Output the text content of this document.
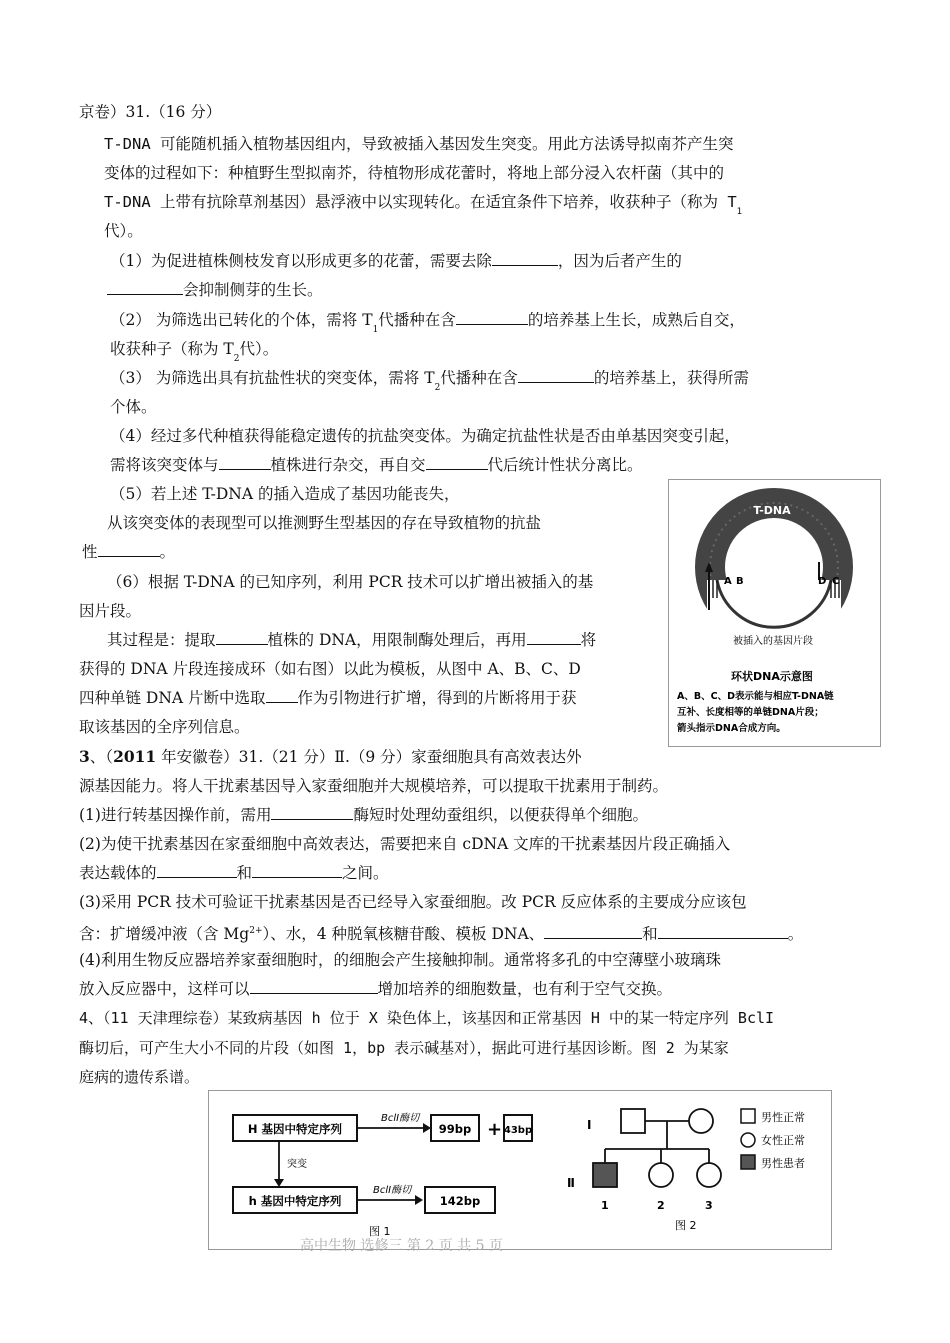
京卷）31.（16 分）
T-DNA 可能随机插入植物基因组内，导致被插入基因发生突变。用此方法诱导拟南芥产生突
变体的过程如下：种植野生型拟南芥，待植物形成花蕾时，将地上部分浸入农杆菌（其中的
T-DNA 上带有抗除草剂基因）悬浮液中以实现转化。在适宜条件下培养，收获种子（称为 $T_1$
代）。
（1）为促进植株侧枝发育以形成更多的花蕾，需要去除	，因为后者产生的
会抑制侧芽的生长。
（2） 为筛选出已转化的个体，需将 $T_1$代播种在含	的培养基上生长，成熟后自交，
收获种子（称为 $T_2$代）。
（3） 为筛选出具有抗盐性状的突变体，需将 $T_2$代播种在含	的培养基上，获得所需
个体。
（4）经过多代种植获得能稳定遗传的抗盐突变体。为确定抗盐性状是否由单基因突变引起，
需将该突变体与	植株进行杂交，再自交	代后统计性状分离比。
（5）若上述 T-DNA 的插入造成了基因功能丧失，
从该突变体的表现型可以推测野生型基因的存在导致植物的抗盐
性	。
（6）根据 T-DNA 的已知序列，利用 PCR 技术可以扩增出被插入的基
因片段。
其过程是：提取	植株的 DNA，用限制酶处理后，再用	将
获得的 DNA 片段连接成环（如右图）以此为模板，从图中 A、B、C、D
四种单链 DNA 片断中选取 作为引物进行扩增，得到的片断将用于获
取该基因的全序列信息。
T-DNA
A B	D C
被插入的基因片段
环状DNA示意图
A、B、C、D表示能与相应T-DNA链
互补、长度相等的单链DNA片段；
箭头指示DNA合成方向。
3、（2011 年安徽卷）31.（21 分）Ⅱ.（9 分）家蚕细胞具有高效表达外
源基因能力。将人干扰素基因导入家蚕细胞并大规模培养，可以提取干扰素用于制药。
(1)进行转基因操作前，需用	酶短时处理幼蚕组织，以便获得单个细胞。
(2)为使干扰素基因在家蚕细胞中高效表达，需要把来自 cDNA 文库的干扰素基因片段正确插入
表达载体的	和	之间。
(3)采用 PCR 技术可验证干扰素基因是否已经导入家蚕细胞。改 PCR 反应体系的主要成分应该包
含：扩增缓冲液（含 $Mg^{2+}$）、水，4 种脱氧核糖苷酸、模板 DNA、	和	。
(4)利用生物反应器培养家蚕细胞时，的细胞会产生接触抑制。通常将多孔的中空薄壁小玻璃珠
放入反应器中，这样可以	增加培养的细胞数量，也有利于空气交换。
4、（11 天津理综卷）某致病基因 h 位于 X 染色体上，该基因和正常基因 H 中的某一特定序列 BclI
酶切后，可产生大小不同的片段（如图 1，bp 表示碱基对），据此可进行基因诊断。图 2 为某家
庭病的遗传系谱。
H 基因中特定序列
BclⅠ酶切
99bp + 43bp
突变
h 基因中特定序列
BclⅠ酶切
142bp
图 1
Ⅰ
Ⅱ
1	2	3
图 2
男性正常
女性正常
男性患者
高中生物 选修三 第 2 页 共 5 页
